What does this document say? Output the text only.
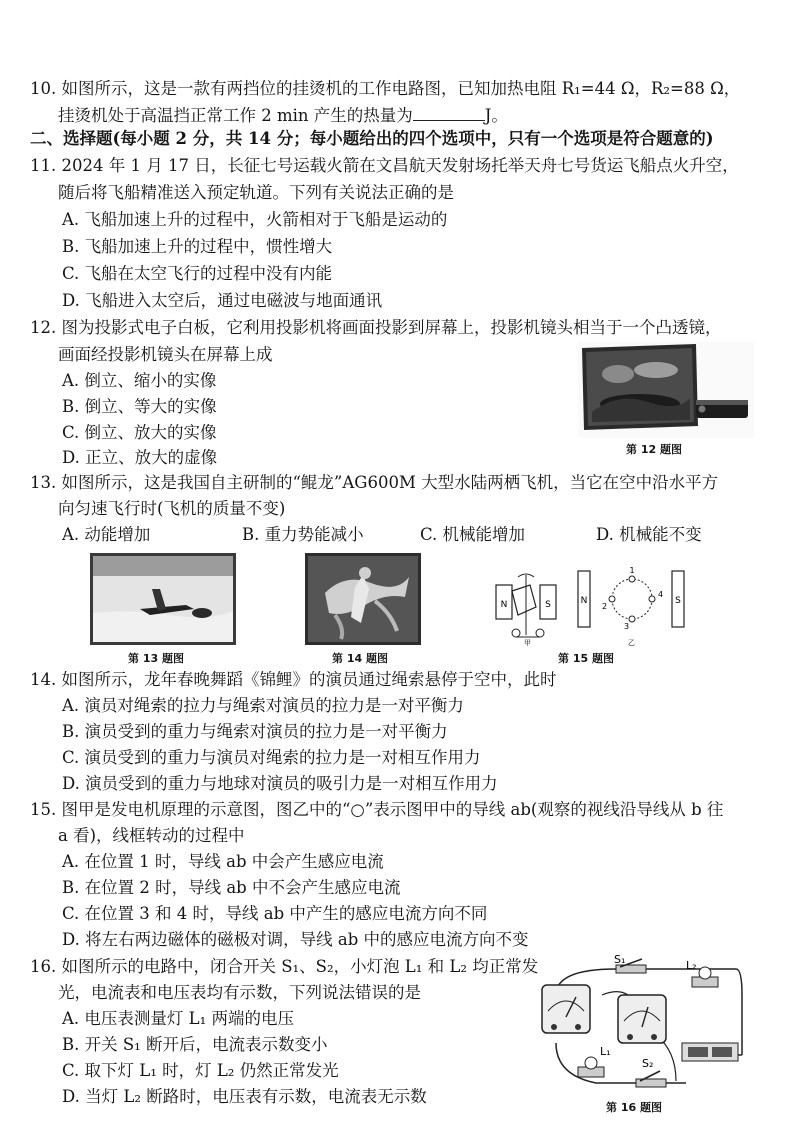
10. 如图所示，这是一款有两挡位的挂烫机的工作电路图，已知加热电阻 R₁=44 Ω，R₂=88 Ω，
挂烫机处于高温挡正常工作 2 min 产生的热量为	J。
二、选择题(每小题 2 分，共 14 分；每小题给出的四个选项中，只有一个选项是符合题意的)
11. 2024 年 1 月 17 日，长征七号运载火箭在文昌航天发射场托举天舟七号货运飞船点火升空，
随后将飞船精准送入预定轨道。下列有关说法正确的是
A. 飞船加速上升的过程中，火箭相对于飞船是运动的
B. 飞船加速上升的过程中，惯性增大
C. 飞船在太空飞行的过程中没有内能
D. 飞船进入太空后，通过电磁波与地面通讯
12. 图为投影式电子白板，它利用投影机将画面投影到屏幕上，投影机镜头相当于一个凸透镜，
画面经投影机镜头在屏幕上成
A. 倒立、缩小的实像
B. 倒立、等大的实像
C. 倒立、放大的实像
D. 正立、放大的虚像	第 12 题图
13. 如图所示，这是我国自主研制的“鲲龙”AG600M 大型水陆两栖飞机，当它在空中沿水平方
向匀速飞行时(飞机的质量不变)
A. 动能增加	B. 重力势能减小	C. 机械能增加	D. 机械能不变
第 13 题图	第 14 题图
N	S
甲
N	S
1
4
3
2
乙
第 15 题图
14. 如图所示，龙年春晚舞蹈《锦鲤》的演员通过绳索悬停于空中，此时
A. 演员对绳索的拉力与绳索对演员的拉力是一对平衡力
B. 演员受到的重力与绳索对演员的拉力是一对平衡力
C. 演员受到的重力与演员对绳索的拉力是一对相互作用力
D. 演员受到的重力与地球对演员的吸引力是一对相互作用力
15. 图甲是发电机原理的示意图，图乙中的“○”表示图甲中的导线 ab(观察的视线沿导线从 b 往
a 看)，线框转动的过程中
A. 在位置 1 时，导线 ab 中会产生感应电流
B. 在位置 2 时，导线 ab 中不会产生感应电流
C. 在位置 3 和 4 时，导线 ab 中产生的感应电流方向不同
D. 将左右两边磁体的磁极对调，导线 ab 中的感应电流方向不变
16. 如图所示的电路中，闭合开关 S₁、S₂，小灯泡 L₁ 和 L₂ 均正常发
光，电流表和电压表均有示数，下列说法错误的是
A. 电压表测量灯 L₁ 两端的电压
B. 开关 S₁ 断开后，电流表示数变小
C. 取下灯 L₁ 时，灯 L₂ 仍然正常发光
D. 当灯 L₂ 断路时，电压表有示数，电流表无示数
S₁	L₂
L₁
S₂
第 16 题图
